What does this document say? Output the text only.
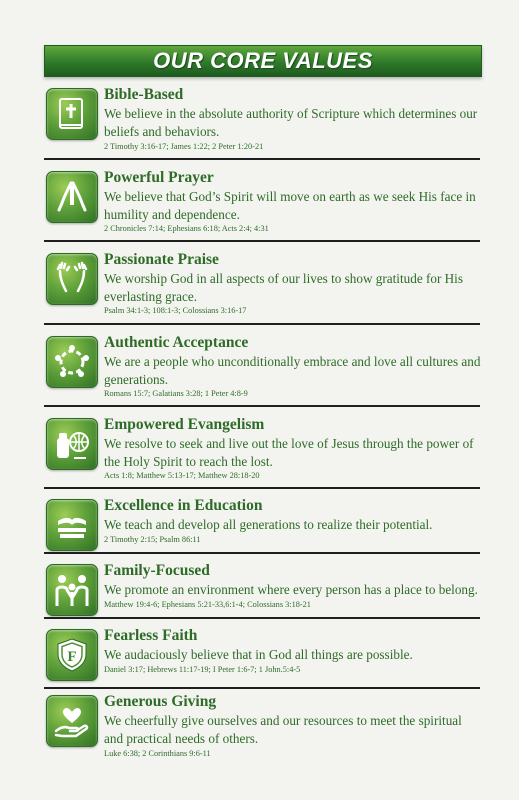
OUR CORE VALUES
Bible-Based
We believe in the absolute authority of Scripture which determines our beliefs and behaviors.
2 Timothy 3:16-17; James 1:22; 2 Peter 1:20-21
Powerful Prayer
We believe that God’s Spirit will move on earth as we seek His face in humility and dependence.
2 Chronicles 7:14; Ephesians 6:18; Acts 2:4; 4:31
Passionate Praise
We worship God in all aspects of our lives to show gratitude for His everlasting grace.
Psalm 34:1-3; 108:1-3; Colossians 3:16-17
Authentic Acceptance
We are a people who unconditionally embrace and love all cultures and generations.
Romans 15:7; Galatians 3:28; 1 Peter 4:8-9
Empowered Evangelism
We resolve to seek and live out the love of Jesus through the power of the Holy Spirit to reach the lost.
Acts 1:8; Matthew 5:13-17; Matthew 28:18-20
Excellence in Education
We teach and develop all generations to realize their potential.
2 Timothy 2:15; Psalm 86:11
Family-Focused
We promote an environment where every person has a place to belong.
Matthew 19:4-6; Ephesians 5:21-33,6:1-4; Colossians 3:18-21
F
Fearless Faith
We audaciously believe that in God all things are possible.
Daniel 3:17; Hebrews 11:17-19; I Peter 1:6-7; 1 John.5:4-5
Generous Giving
We cheerfully give ourselves and our resources to meet the spiritual and practical needs of others.
Luke 6:38; 2 Corinthians 9:6-11
